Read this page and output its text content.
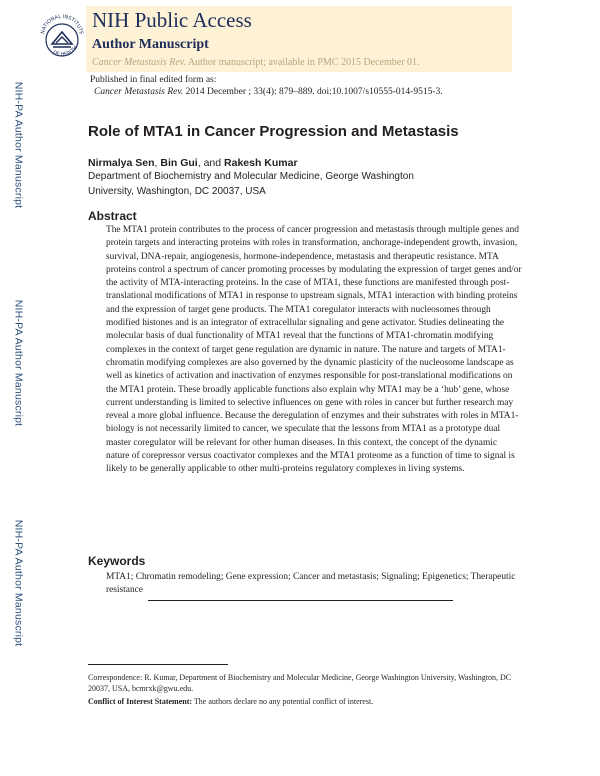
NIH-PA Author Manuscript
NIH-PA Author Manuscript
NIH-PA Author Manuscript
NATIONAL INSTITUTE
OF HEALTH
NIH Public Access
Author Manuscript
Cancer Metastasis Rev. Author manuscript; available in PMC 2015 December 01.
Published in final edited form as:
Cancer Metastasis Rev. 2014 December ; 33(4): 879–889. doi:10.1007/s10555-014-9515-3.
Role of MTA1 in Cancer Progression and Metastasis
Nirmalya Sen, Bin Gui, and Rakesh Kumar
Department of Biochemistry and Molecular Medicine, George Washington University, Washington, DC 20037, USA
Abstract

The MTA1 protein contributes to the process of cancer progression and metastasis through multiple genes and protein targets and interacting proteins with roles in transformation, anchorage-independent growth, invasion, survival, DNA-repair, angiogenesis, hormone-independence, metastasis and therapeutic resistance. MTA proteins control a spectrum of cancer promoting processes by modulating the expression of target genes and/or the activity of MTA-interacting proteins. In the case of MTA1, these functions are manifested through post-translational modifications of MTA1 in response to upstream signals, MTA1 interaction with binding proteins and the expression of target gene products. The MTA1 coregulator interacts with nucleosomes through modified histones and is an integrator of extracellular signaling and gene activator. Studies delineating the molecular basis of dual functionality of MTA1 reveal that the functions of MTA1-chromatin modifying complexes in the context of target gene regulation are dynamic in nature. The nature and targets of MTA1-chromatin modifying complexes are also governed by the dynamic plasticity of the nucleosome landscape as well as kinetics of activation and inactivation of enzymes responsible for post-translational modifications on the MTA1 protein. These broadly applicable functions also explain why MTA1 may be a ‘hub’ gene, whose current understanding is limited to selective influences on gene with roles in cancer but further research may reveal a more global influence. Because the deregulation of enzymes and their substrates with roles in MTA1-biology is not necessarily limited to cancer, we speculate that the lessons from MTA1 as a prototype dual master coregulator will be relevant for other human diseases. In this context, the concept of the dynamic nature of corepressor versus coactivator complexes and the MTA1 proteome as a function of time to signal is likely to be generally applicable to other multi-proteins regulatory complexes in living systems.

Keywords

MTA1; Chromatin remodeling; Gene expression; Cancer and metastasis; Signaling; Epigenetics; Therapeutic resistance

Correspondence: R. Kumar, Department of Biochemistry and Molecular Medicine, George Washington University, Washington, DC 20037, USA, bcmrxk@gwu.edu.
Conflict of Interest Statement: The authors declare no any potential conflict of interest.
